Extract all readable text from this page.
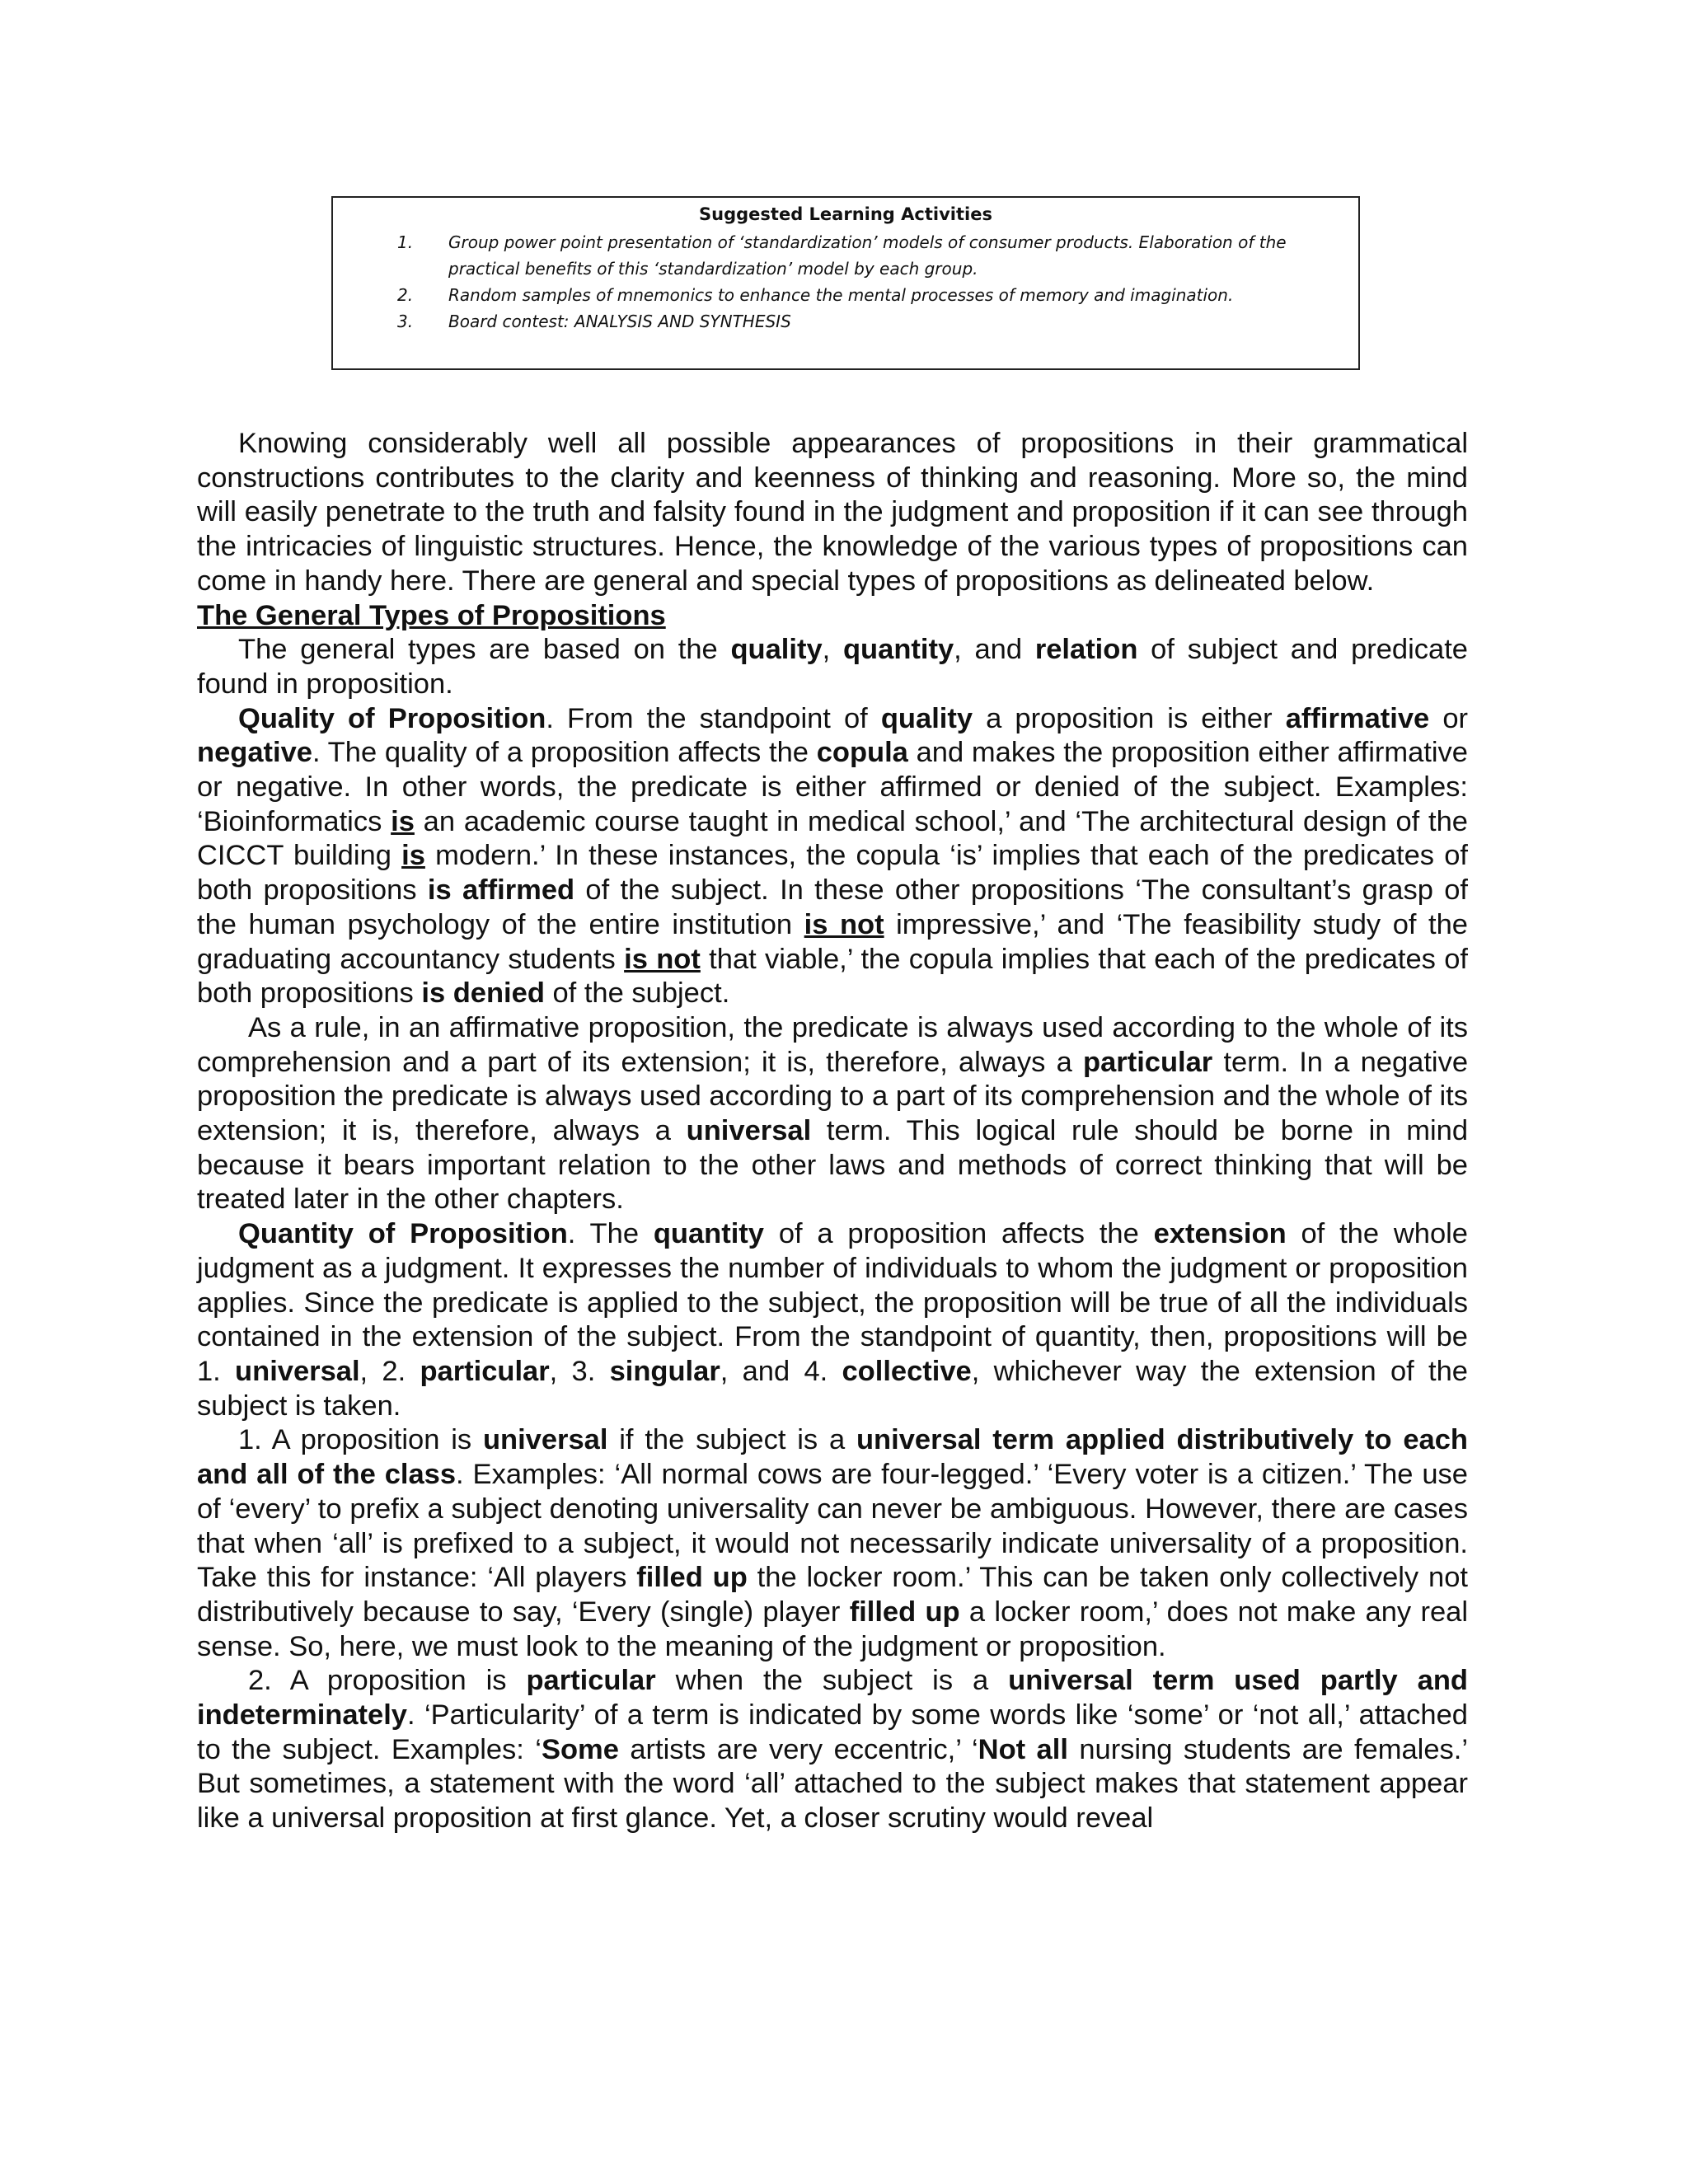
Suggested Learning Activities
1. Group power point presentation of ‘standardization’ models of consumer products. Elaboration of the practical benefits of this ‘standardization’ model by each group.
2. Random samples of mnemonics to enhance the mental processes of memory and imagination.
3. Board contest: ANALYSIS AND SYNTHESIS

Knowing considerably well all possible appearances of propositions in their grammatical constructions contributes to the clarity and keenness of thinking and reasoning. More so, the mind will easily penetrate to the truth and falsity found in the judgment and proposition if it can see through the intricacies of linguistic structures. Hence, the knowledge of the various types of propositions can come in handy here. There are general and special types of propositions as delineated below.

The General Types of Propositions

The general types are based on the quality, quantity, and relation of subject and predicate found in proposition.

Quality of Proposition. From the standpoint of quality a proposition is either affirmative or negative. The quality of a proposition affects the copula and makes the proposition either affirmative or negative. In other words, the predicate is either affirmed or denied of the subject. Examples: ‘Bioinformatics is an academic course taught in medical school,’ and ‘The architectural design of the CICCT building is modern.’ In these instances, the copula ‘is’ implies that each of the predicates of both propositions is affirmed of the subject. In these other propositions ‘The consultant’s grasp of the human psychology of the entire institution is not impressive,’ and ‘The feasibility study of the graduating accountancy students is not that viable,’ the copula implies that each of the predicates of both propositions is denied of the subject.

As a rule, in an affirmative proposition, the predicate is always used according to the whole of its comprehension and a part of its extension; it is, therefore, always a particular term. In a negative proposition the predicate is always used according to a part of its comprehension and the whole of its extension; it is, therefore, always a universal term. This logical rule should be borne in mind because it bears important relation to the other laws and methods of correct thinking that will be treated later in the other chapters.

Quantity of Proposition. The quantity of a proposition affects the extension of the whole judgment as a judgment. It expresses the number of individuals to whom the judgment or proposition applies. Since the predicate is applied to the subject, the proposition will be true of all the individuals contained in the extension of the subject. From the standpoint of quantity, then, propositions will be 1. universal, 2. particular, 3. singular, and 4. collective, whichever way the extension of the subject is taken.

1. A proposition is universal if the subject is a universal term applied distributively to each and all of the class. Examples: ‘All normal cows are four-legged.’ ‘Every voter is a citizen.’ The use of ‘every’ to prefix a subject denoting universality can never be ambiguous. However, there are cases that when ‘all’ is prefixed to a subject, it would not necessarily indicate universality of a proposition. Take this for instance: ‘All players filled up the locker room.’ This can be taken only collectively not distributively because to say, ‘Every (single) player filled up a locker room,’ does not make any real sense. So, here, we must look to the meaning of the judgment or proposition.

2. A proposition is particular when the subject is a universal term used partly and indeterminately. ‘Particularity’ of a term is indicated by some words like ‘some’ or ‘not all,’ attached to the subject. Examples: ‘Some artists are very eccentric,’ ‘Not all nursing students are females.’ But sometimes, a statement with the word ‘all’ attached to the subject makes that statement appear like a universal proposition at first glance. Yet, a closer scrutiny would reveal
